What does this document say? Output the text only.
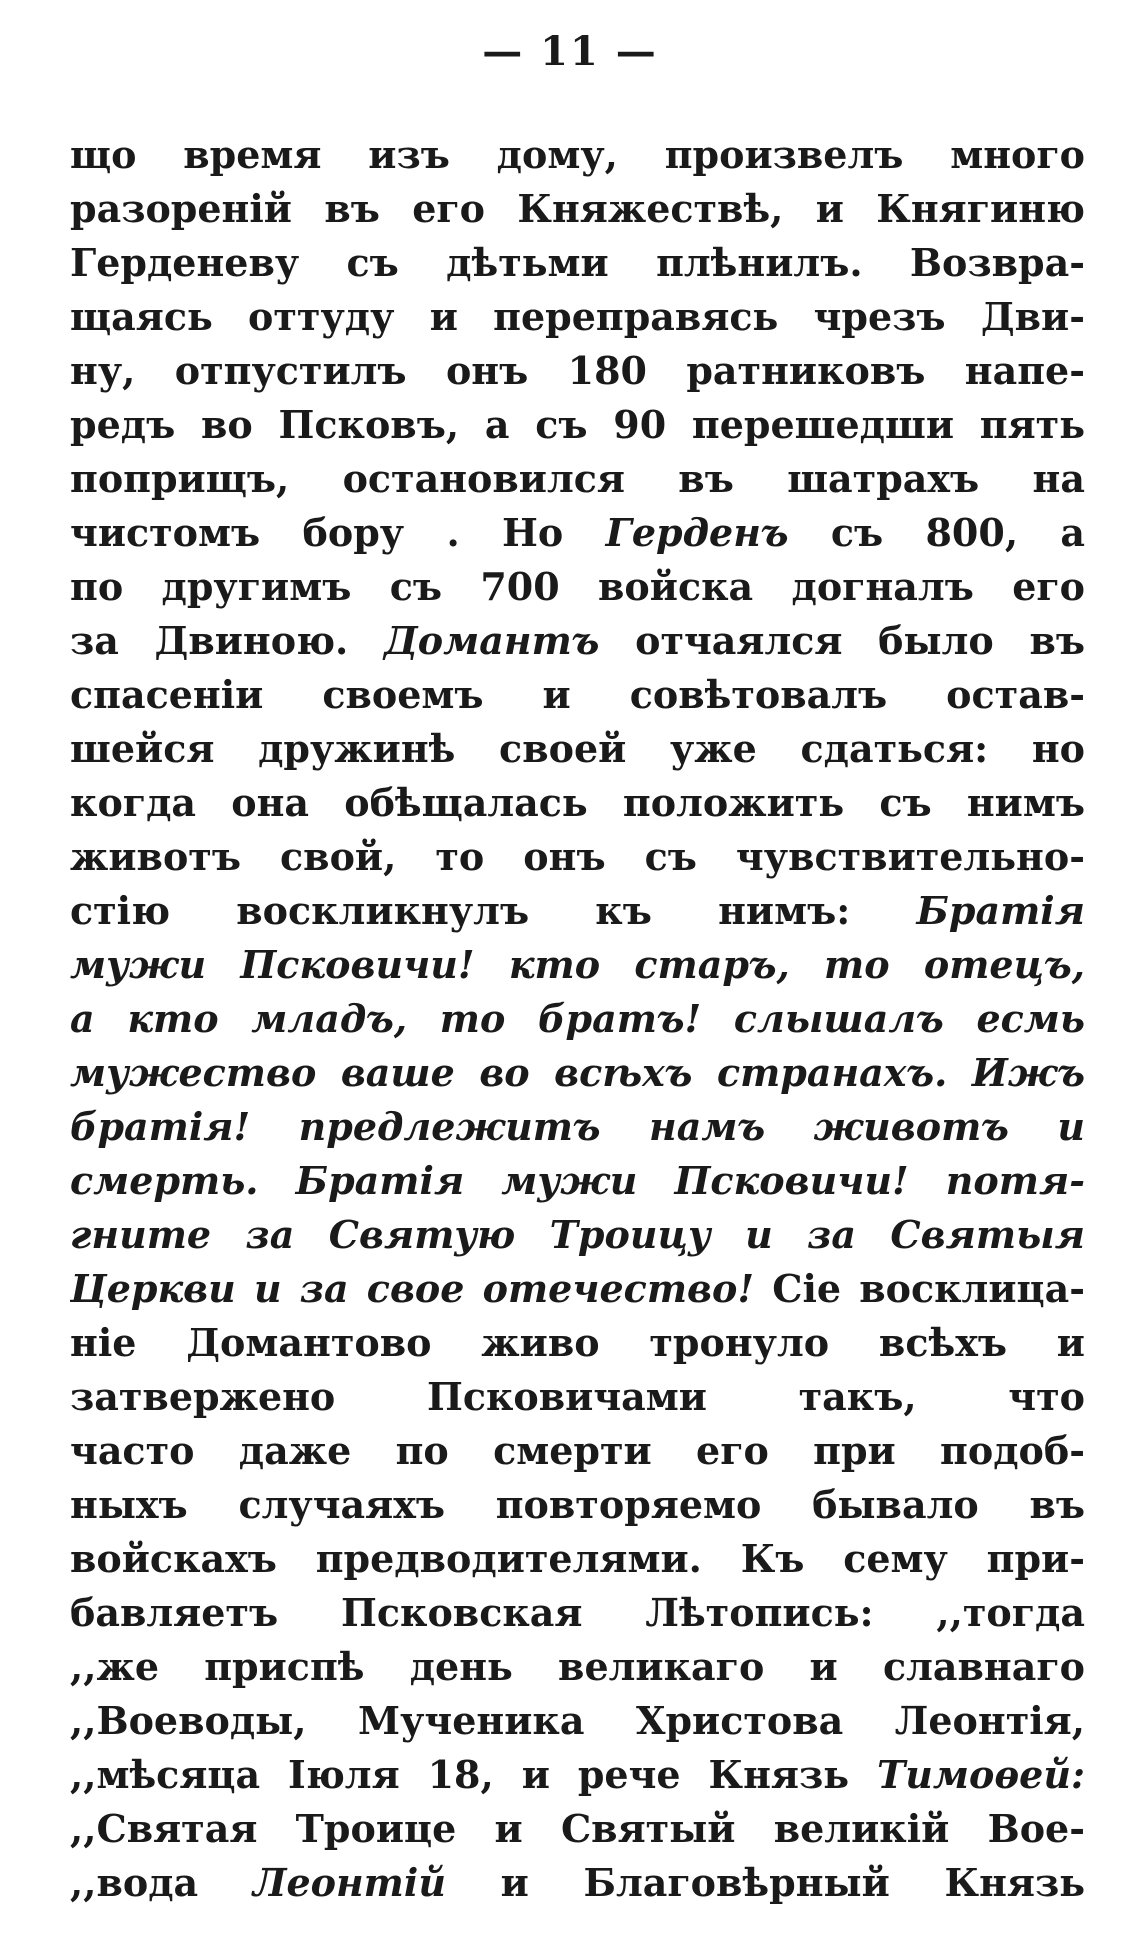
— 11 —
що время изъ дому, произвелъ много
разореній въ его Княжествѣ, и Княгиню
Герденеву съ дѣтьми плѣнилъ. Возвра-
щаясь оттуду и переправясь чрезъ Дви-
ну, отпустилъ онъ 180 ратниковъ напе-
редъ во Псковъ, а съ 90 перешедши пять
поприщъ, остановился въ шатрахъ на
чистомъ бору . Но Герденъ съ 800, а
по другимъ съ 700 войска догналъ его
за Двиною. Домантъ отчаялся было въ
спасеніи своемъ и совѣтовалъ остав-
шейся дружинѣ своей уже сдаться: но
когда она обѣщалась положить съ нимъ
животъ свой, то онъ съ чувствительно-
стію воскликнулъ къ нимъ: Братія
мужи Псковичи! кто старъ, то отецъ,
а кто младъ, то братъ! слышалъ есмь
мужество ваше во всѣхъ странахъ. Ижъ
братія! предлежитъ намъ животъ и
смерть. Братія мужи Псковичи! потя-
гните за Святую Троицу и за Святыя
Церкви и за свое отечество! Сіе восклица-
ніе Домантово живо тронуло всѣхъ и
затвержено Псковичами такъ, что
часто даже по смерти его при подоб-
ныхъ случаяхъ повторяемо бывало въ
войскахъ предводителями. Къ сему при-
бавляетъ Псковская Лѣтопись: ,,тогда
,,же приспѣ день великаго и славнаго
,,Воеводы, Мученика Христова Леонтія,
,,мѣсяца Іюля 18, и рече Князь Тимоѳей:
,,Святая Троице и Святый великій Вое-
,,вода Леонтій и Благовѣрный Князь
